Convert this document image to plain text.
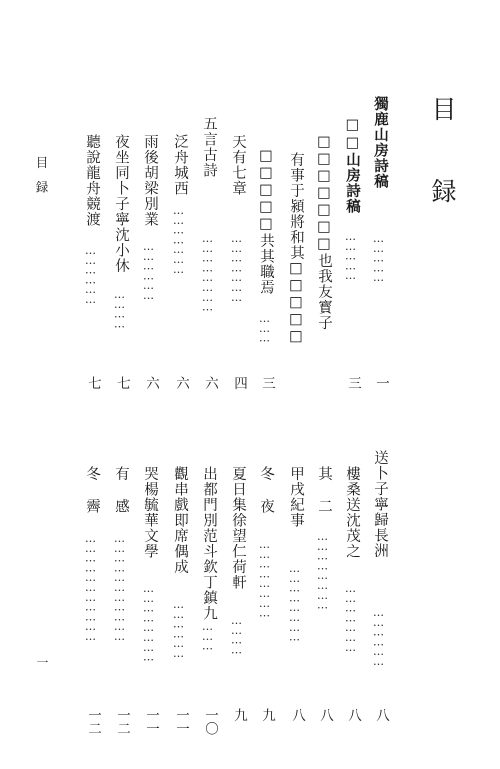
目 録
獨鹿山房詩稿
……………
一
□□山房詩稿
……………
三
□□□□□□□也我友寳子
有事于潁將和其□□□□□
□□□□□共其職焉
………
三
天有七章
…………………
四
五言古詩
……………………
六
泛舟城西
…………………
六
雨後胡梁別業
………………
六
夜坐同卜子寧沈小休
…………
七
聽說龍舟競渡
………………
七
送卜子寧歸長洲
………………
八
樓桑送沈茂之
…………………
八
其 二
……………………
八
甲戌紀事
……………………
八
冬 夜
……………………
九
夏日集徐望仁荷軒
…………
九
出都門別范斗欽丁鎮九
………
一〇
觀串戲即席偶成
………………
一一
哭楊毓華文學
……………………
一一
有 感
……………………………
一二
冬 霽
……………………………
一二
目録
一
